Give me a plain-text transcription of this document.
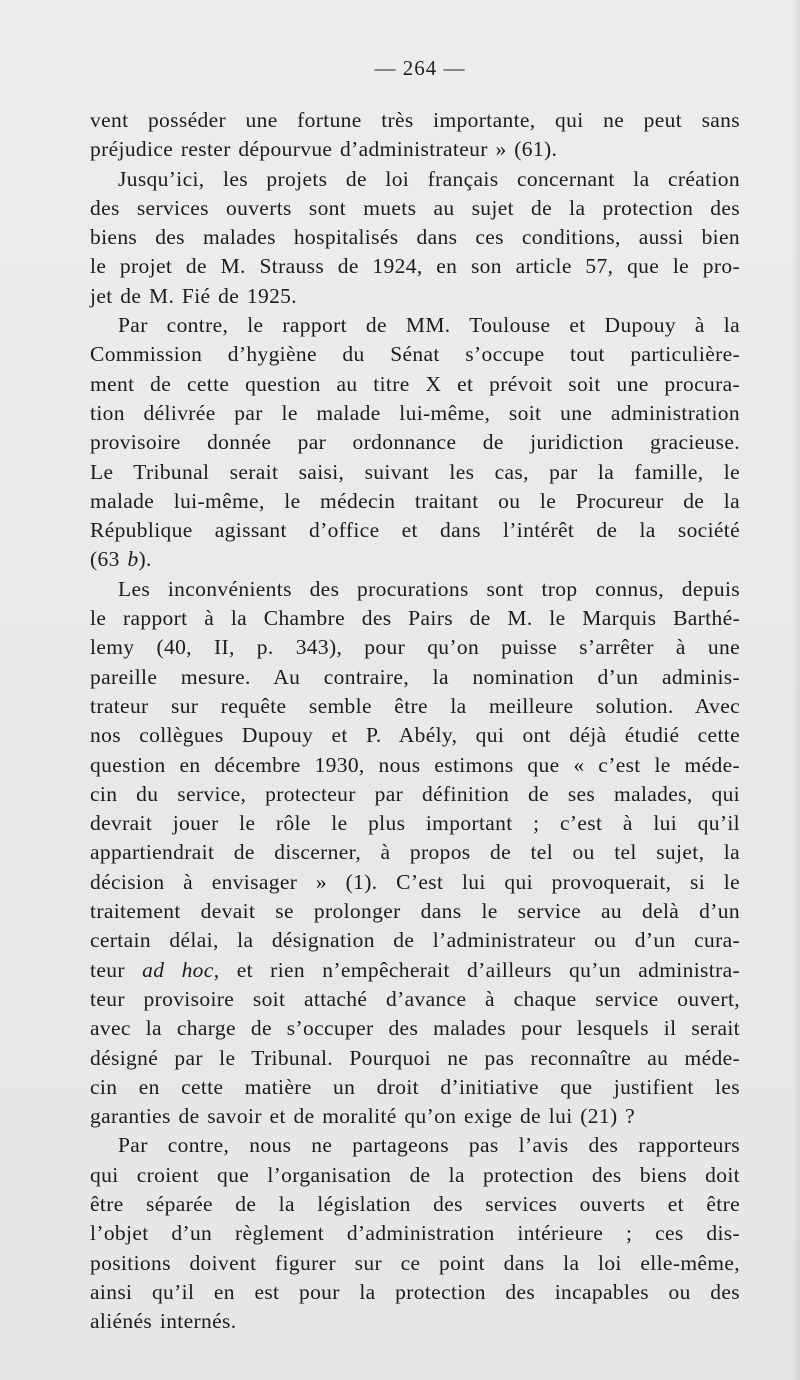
— 264 —

vent posséder une fortune très importante, qui ne peut sans

préjudice rester dépourvue d’administrateur » (61).

Jusqu’ici, les projets de loi français concernant la création

des services ouverts sont muets au sujet de la protection des

biens des malades hospitalisés dans ces conditions, aussi bien

le projet de M. Strauss de 1924, en son article 57, que le pro-

jet de M. Fié de 1925.

Par contre, le rapport de MM. Toulouse et Dupouy à la

Commission d’hygiène du Sénat s’occupe tout particulière-

ment de cette question au titre X et prévoit soit une procura-

tion délivrée par le malade lui-même, soit une administration

provisoire donnée par ordonnance de juridiction gracieuse.

Le Tribunal serait saisi, suivant les cas, par la famille, le

malade lui-même, le médecin traitant ou le Procureur de la

République agissant d’office et dans l’intérêt de la société

(63 b).

Les inconvénients des procurations sont trop connus, depuis

le rapport à la Chambre des Pairs de M. le Marquis Barthé-

lemy (40, II, p. 343), pour qu’on puisse s’arrêter à une

pareille mesure. Au contraire, la nomination d’un adminis-

trateur sur requête semble être la meilleure solution. Avec

nos collègues Dupouy et P. Abély, qui ont déjà étudié cette

question en décembre 1930, nous estimons que « c’est le méde-

cin du service, protecteur par définition de ses malades, qui

devrait jouer le rôle le plus important ; c’est à lui qu’il

appartiendrait de discerner, à propos de tel ou tel sujet, la

décision à envisager » (1). C’est lui qui provoquerait, si le

traitement devait se prolonger dans le service au delà d’un

certain délai, la désignation de l’administrateur ou d’un cura-

teur ad hoc, et rien n’empêcherait d’ailleurs qu’un administra-

teur provisoire soit attaché d’avance à chaque service ouvert,

avec la charge de s’occuper des malades pour lesquels il serait

désigné par le Tribunal. Pourquoi ne pas reconnaître au méde-

cin en cette matière un droit d’initiative que justifient les

garanties de savoir et de moralité qu’on exige de lui (21) ?

Par contre, nous ne partageons pas l’avis des rapporteurs

qui croient que l’organisation de la protection des biens doit

être séparée de la législation des services ouverts et être

l’objet d’un règlement d’administration intérieure ; ces dis-

positions doivent figurer sur ce point dans la loi elle-même,

ainsi qu’il en est pour la protection des incapables ou des

aliénés internés.
